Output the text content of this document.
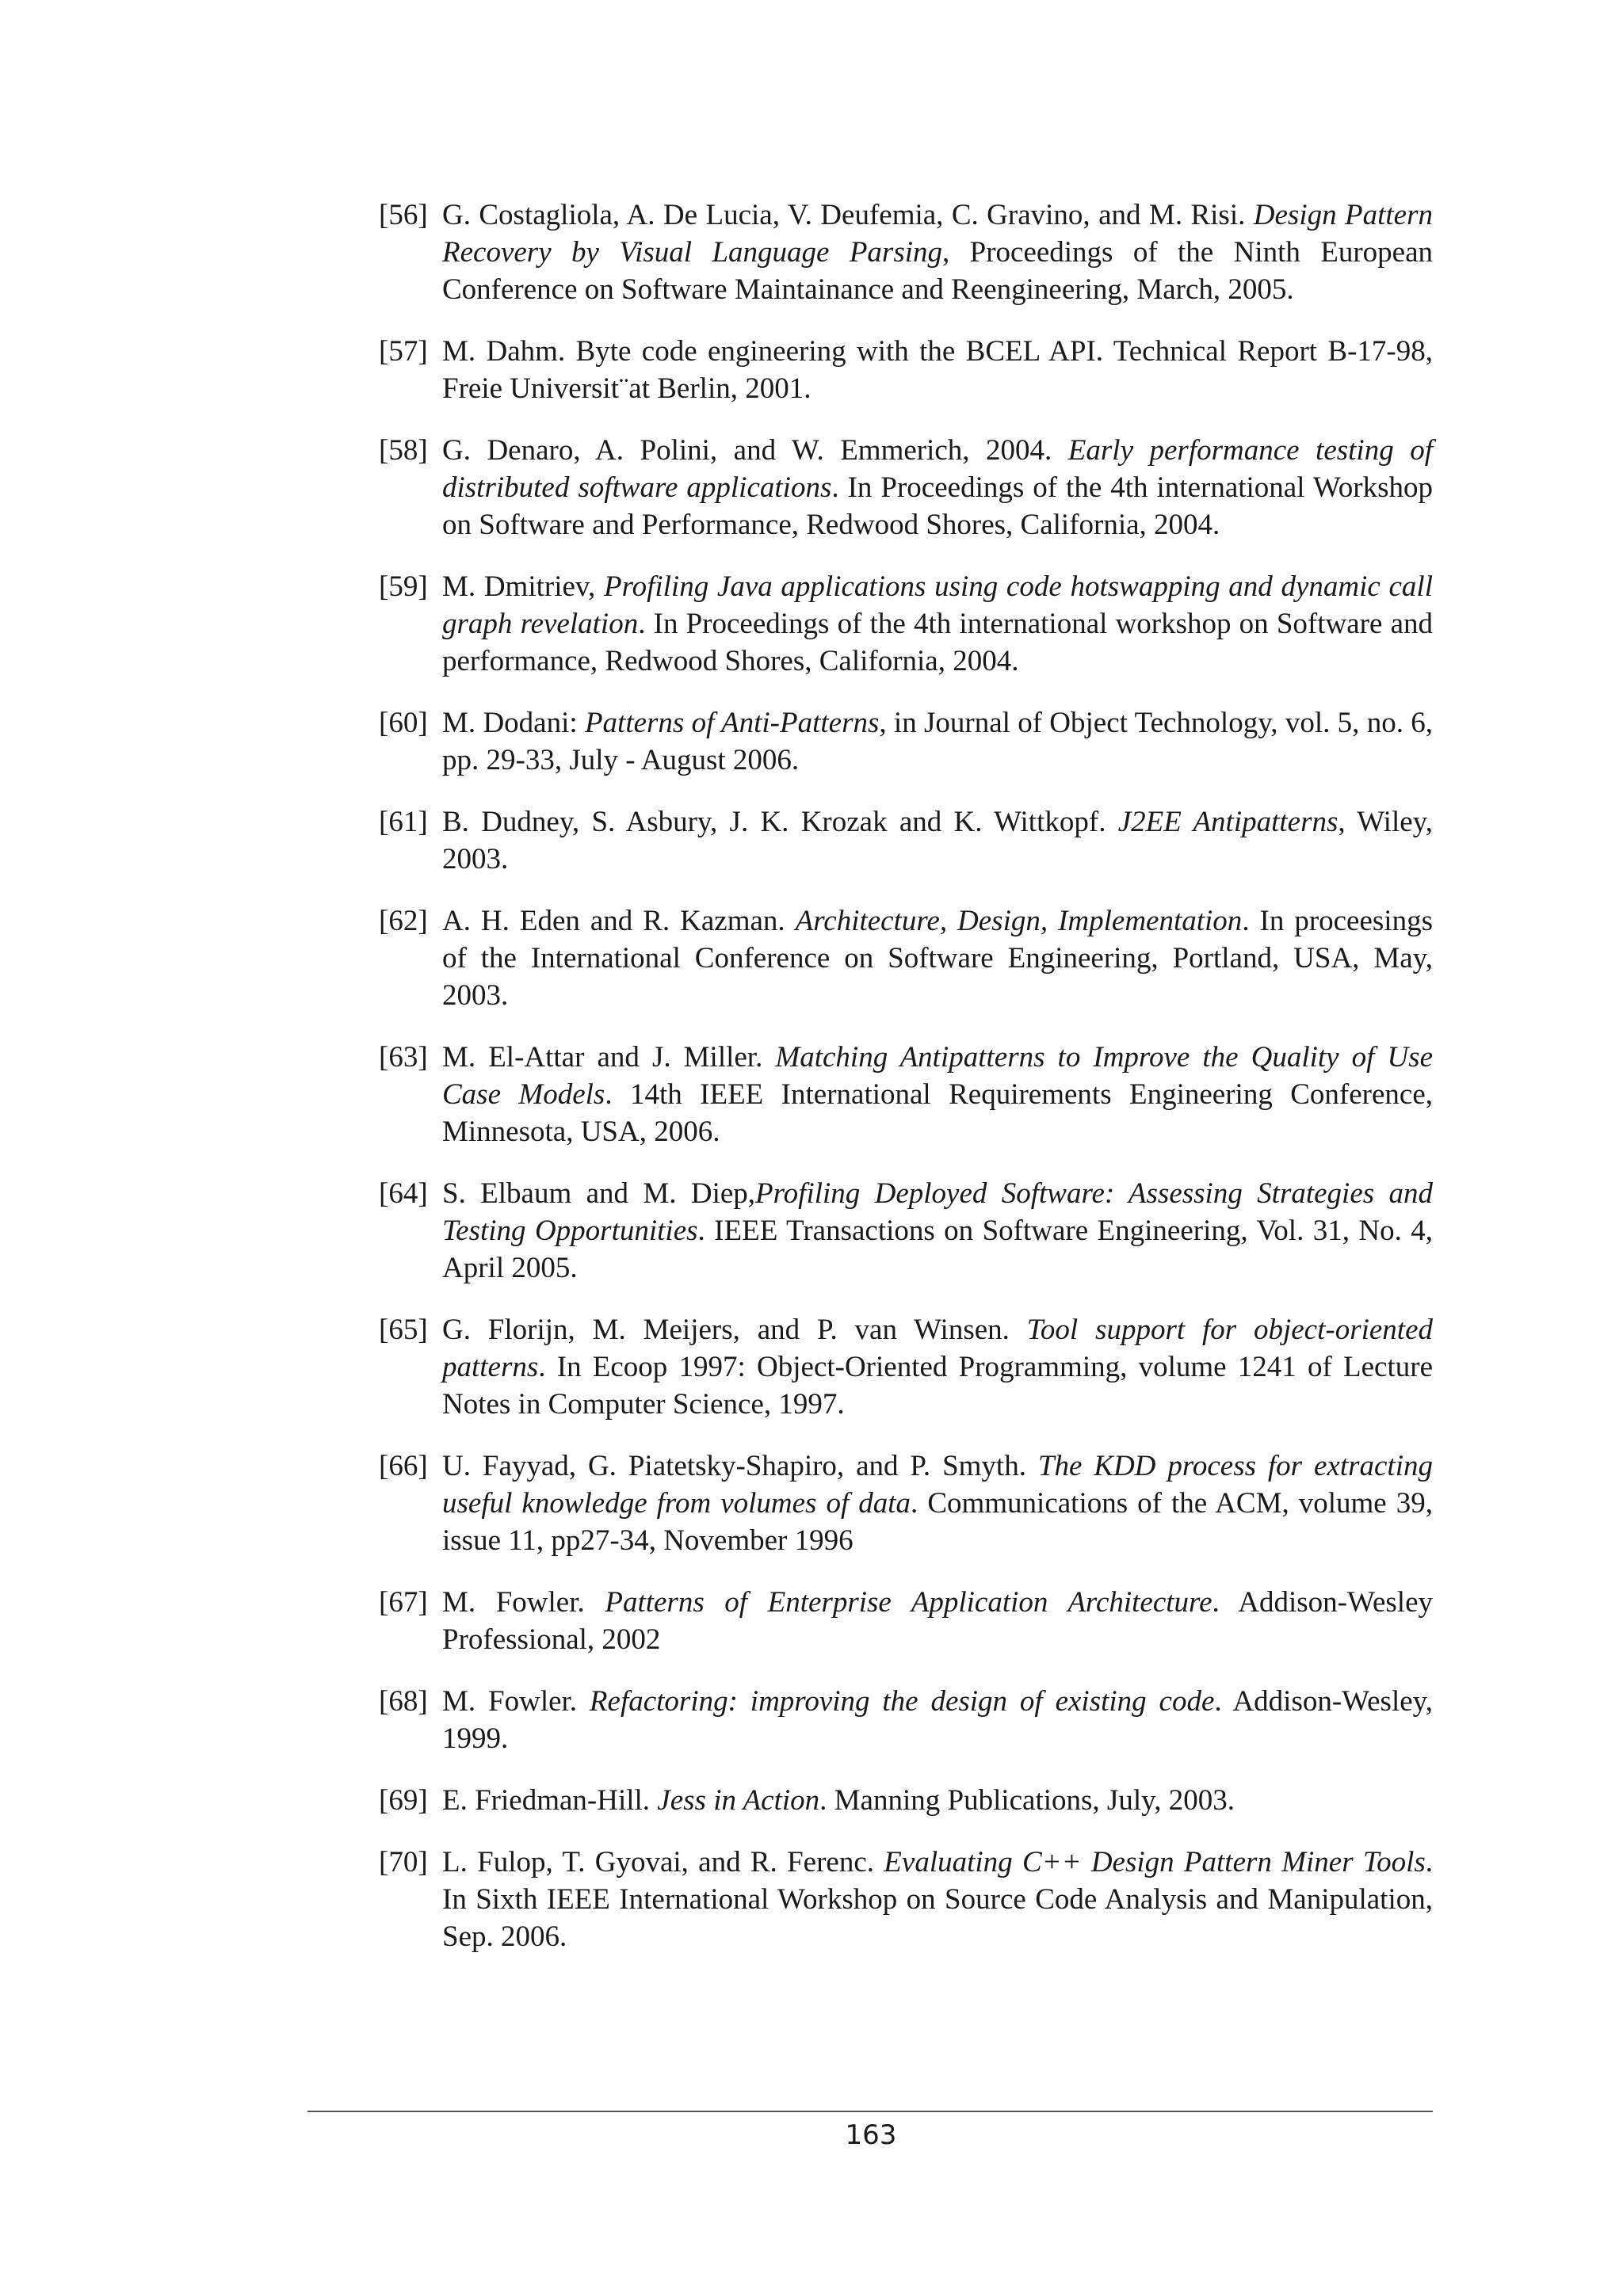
[56] G. Costagliola, A. De Lucia, V. Deufemia, C. Gravino, and M. Risi. Design Pattern Recovery by Visual Language Parsing, Proceedings of the Ninth European Conference on Software Maintainance and Reengineering, March, 2005.
[57] M. Dahm. Byte code engineering with the BCEL API. Technical Report B-17-98, Freie Universit¨at Berlin, 2001.
[58] G. Denaro, A. Polini, and W. Emmerich, 2004. Early performance testing of distributed software applications. In Proceedings of the 4th international Workshop on Software and Performance, Redwood Shores, California, 2004.
[59] M. Dmitriev, Profiling Java applications using code hotswapping and dynamic call graph revelation. In Proceedings of the 4th international workshop on Software and performance, Redwood Shores, California, 2004.
[60] M. Dodani: Patterns of Anti-Patterns, in Journal of Object Technology, vol. 5, no. 6, pp. 29-33, July - August 2006.
[61] B. Dudney, S. Asbury, J. K. Krozak and K. Wittkopf. J2EE Antipatterns, Wiley, 2003.
[62] A. H. Eden and R. Kazman. Architecture, Design, Implementation. In proceesings of the International Conference on Software Engineering, Portland, USA, May, 2003.
[63] M. El-Attar and J. Miller. Matching Antipatterns to Improve the Quality of Use Case Models. 14th IEEE International Requirements Engineering Conference, Minnesota, USA, 2006.
[64] S. Elbaum and M. Diep,Profiling Deployed Software: Assessing Strategies and Testing Opportunities. IEEE Transactions on Software Engineering, Vol. 31, No. 4, April 2005.
[65] G. Florijn, M. Meijers, and P. van Winsen. Tool support for object-oriented patterns. In Ecoop 1997: Object-Oriented Programming, volume 1241 of Lecture Notes in Computer Science, 1997.
[66] U. Fayyad, G. Piatetsky-Shapiro, and P. Smyth. The KDD process for extracting useful knowledge from volumes of data. Communications of the ACM, volume 39, issue 11, pp27-34, November 1996
[67] M. Fowler. Patterns of Enterprise Application Architecture. Addison-Wesley Professional, 2002
[68] M. Fowler. Refactoring: improving the design of existing code. Addison-Wesley, 1999.
[69] E. Friedman-Hill. Jess in Action. Manning Publications, July, 2003.
[70] L. Fulop, T. Gyovai, and R. Ferenc. Evaluating C++ Design Pattern Miner Tools. In Sixth IEEE International Workshop on Source Code Analysis and Manipulation, Sep. 2006.
163
